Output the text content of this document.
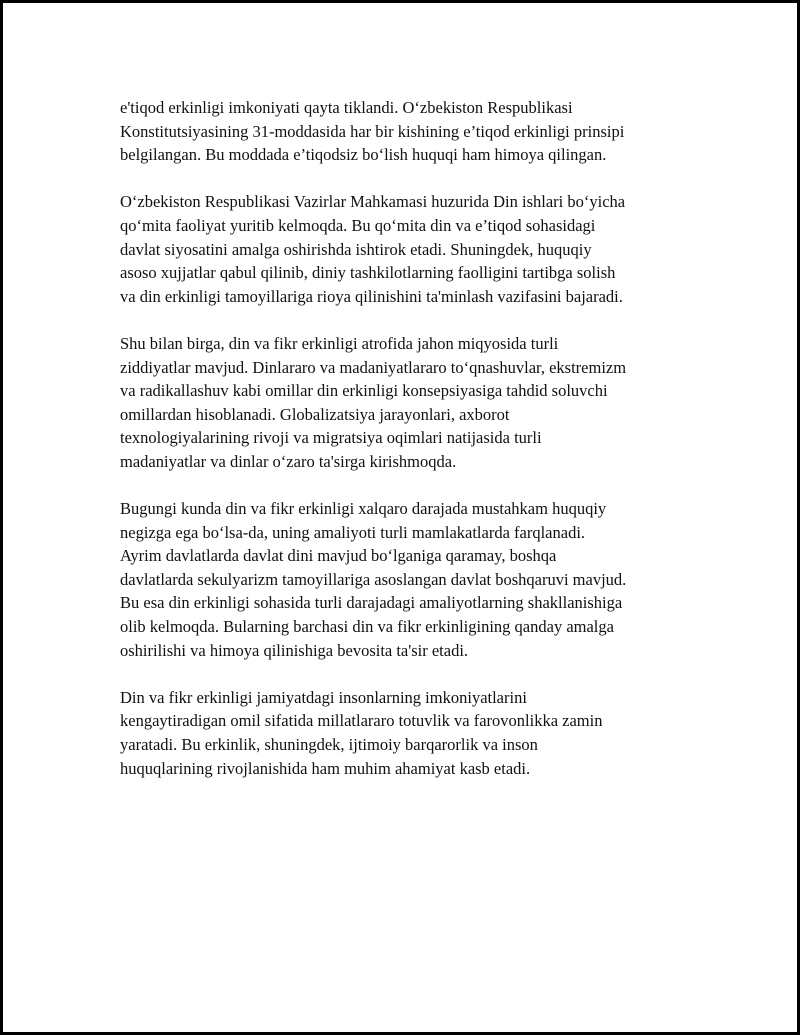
e'tiqod erkinligi imkoniyati qayta tiklandi. O‘zbekiston Respublikasi
Konstitutsiyasining 31-moddasida har bir kishining e’tiqod erkinligi prinsipi
belgilangan. Bu moddada e’tiqodsiz bo‘lish huquqi ham himoya qilingan.

O‘zbekiston Respublikasi Vazirlar Mahkamasi huzurida Din ishlari bo‘yicha
qo‘mita faoliyat yuritib kelmoqda. Bu qo‘mita din va e’tiqod sohasidagi
davlat siyosatini amalga oshirishda ishtirok etadi. Shuningdek, huquqiy
asoso xujjatlar qabul qilinib, diniy tashkilotlarning faolligini tartibga solish
va din erkinligi tamoyillariga rioya qilinishini ta'minlash vazifasini bajaradi.

Shu bilan birga, din va fikr erkinligi atrofida jahon miqyosida turli
ziddiyatlar mavjud. Dinlararo va madaniyatlararo to‘qnashuvlar, ekstremizm
va radikallashuv kabi omillar din erkinligi konsepsiyasiga tahdid soluvchi
omillardan hisoblanadi. Globalizatsiya jarayonlari, axborot
texnologiyalarining rivoji va migratsiya oqimlari natijasida turli
madaniyatlar va dinlar o‘zaro ta'sirga kirishmoqda.

Bugungi kunda din va fikr erkinligi xalqaro darajada mustahkam huquqiy
negizga ega bo‘lsa-da, uning amaliyoti turli mamlakatlarda farqlanadi.
Ayrim davlatlarda davlat dini mavjud bo‘lganiga qaramay, boshqa
davlatlarda sekulyarizm tamoyillariga asoslangan davlat boshqaruvi mavjud.
Bu esa din erkinligi sohasida turli darajadagi amaliyotlarning shakllanishiga
olib kelmoqda. Bularning barchasi din va fikr erkinligining qanday amalga
oshirilishi va himoya qilinishiga bevosita ta'sir etadi.

Din va fikr erkinligi jamiyatdagi insonlarning imkoniyatlarini
kengaytiradigan omil sifatida millatlararo totuvlik va farovonlikka zamin
yaratadi. Bu erkinlik, shuningdek, ijtimoiy barqarorlik va inson
huquqlarining rivojlanishida ham muhim ahamiyat kasb etadi.
